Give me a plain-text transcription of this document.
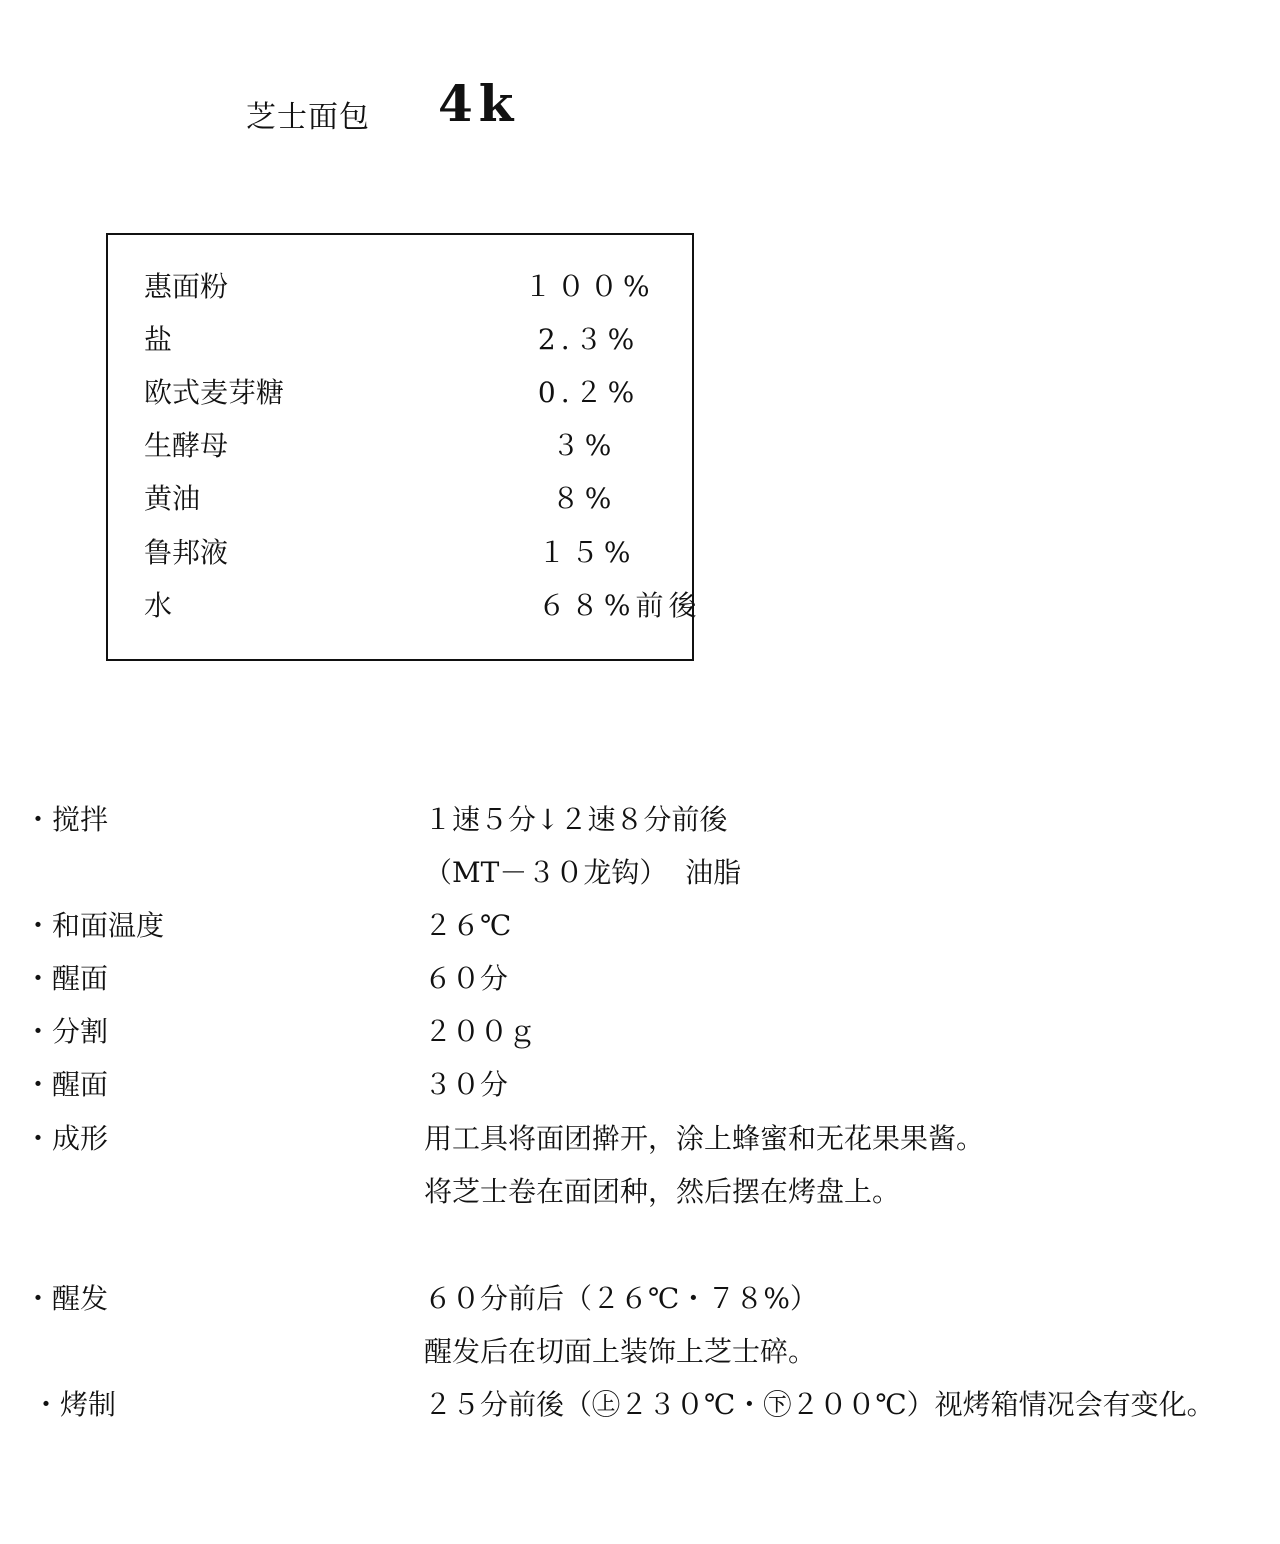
芝士面包 4k
惠面粉	１００%
盐	2.３%
欧式麦芽糖	0.２%
生酵母	３%
黄油	８%
鲁邦液	１５%
水	６８%前後
・搅拌	１速５分↓２速８分前後
（MT－３０龙钩）  油脂
・和面温度	２６℃
・醒面	６０分
・分割	２００ｇ
・醒面	３０分
・成形	用工具将面团擀开，涂上蜂蜜和无花果果酱。
将芝士卷在面团种，然后摆在烤盘上。
・醒发	６０分前后（２６℃・７８%）
醒发后在切面上装饰上芝士碎。
・烤制	２５分前後（㊤２３０℃・㊦２００℃）视烤箱情况会有变化。
